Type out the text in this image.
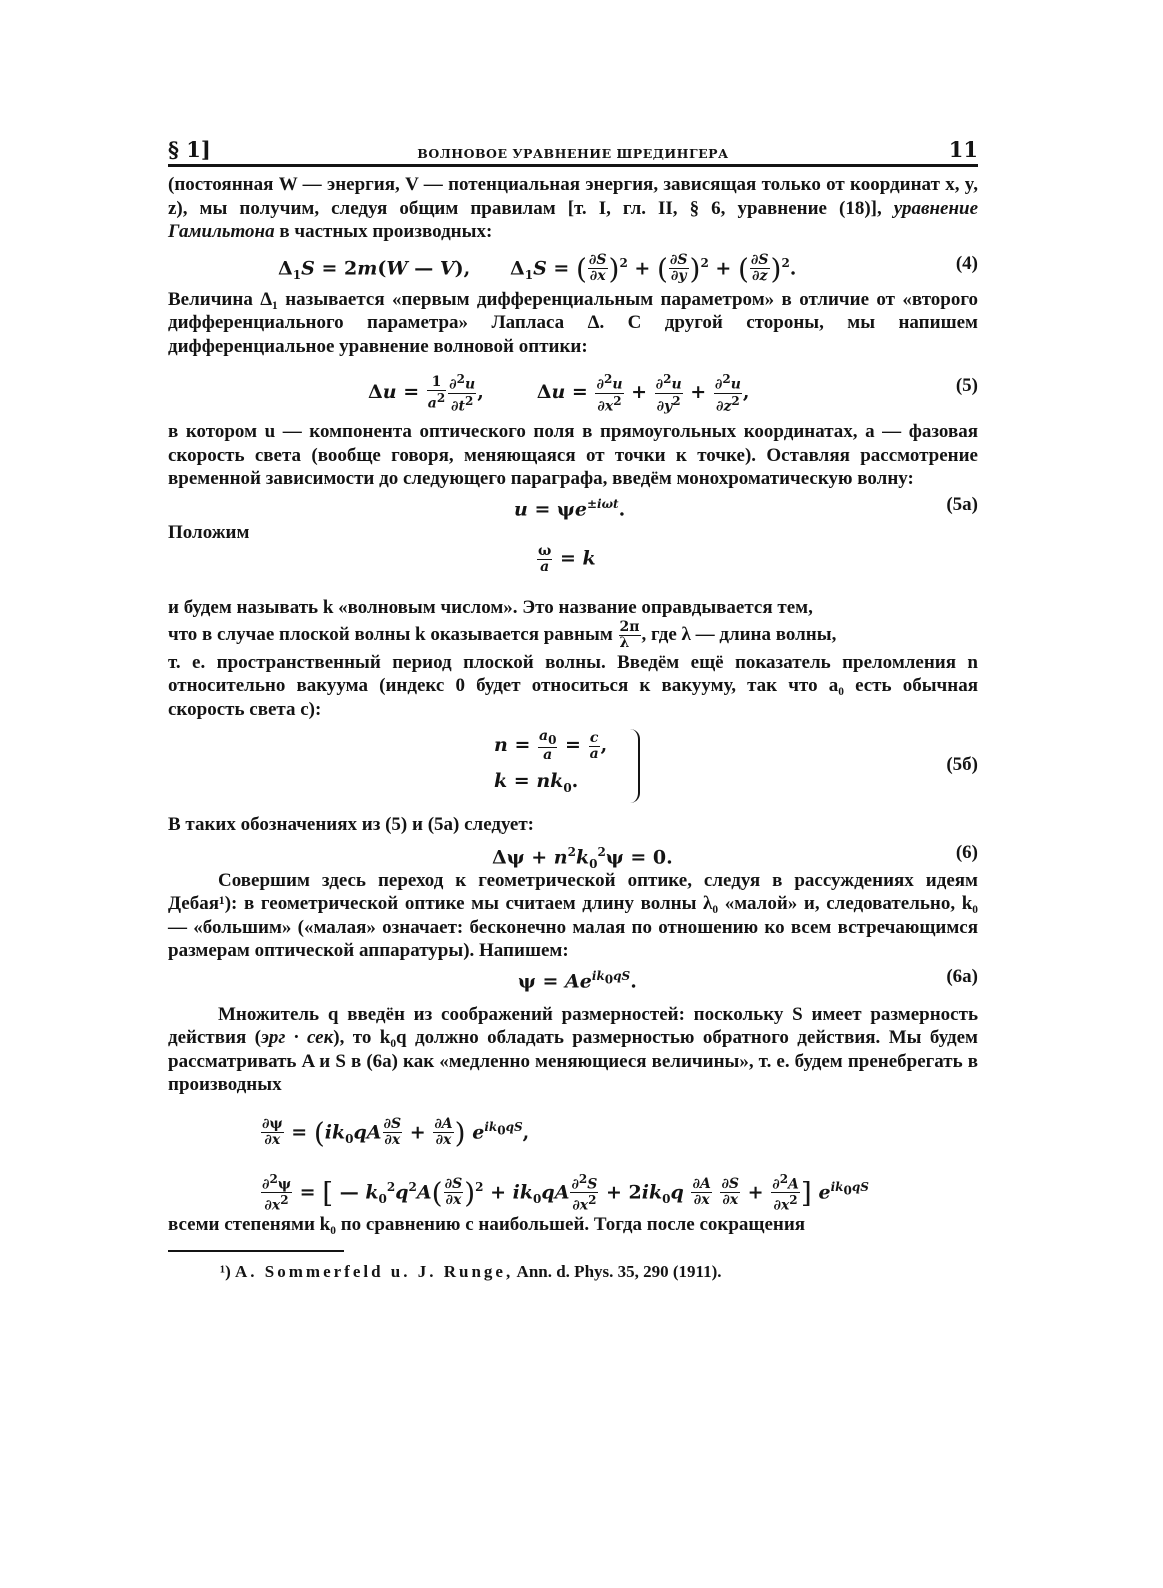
§ 1]	ВОЛНОВОЕ УРАВНЕНИЕ ШРЕДИНГЕРА	11

(постоянная W — энергия, V — потенциальная энергия, зависящая только от координат x, y, z), мы получим, следуя общим правилам [т. I, гл. II, § 6, уравнение (18)], уравнение Гамильтона в частных производных:

$\Delta_1S = 2m(W$ — V),      $\Delta_1S$ = ( $\frac{\partial S}{\partial x} )^2$ + ( $\frac{\partial S}{\partial y} )^2$ + ( $\frac{\partial S}{\partial z} )^2$.	(4)

Величина Δ₁ называется «первым дифференциальным параметром» в отличие от «второго дифференциального параметра» Лапласа Δ. С другой стороны, мы напишем дифференциальное уравнение волновой оптики:

$\Delta u = \frac{1}{a^2} \frac{\partial^2u}{\partial t^2}$ ,        $\Delta u = \frac{\partial^2u}{\partial x^2} + \frac{\partial^2u}{\partial y^2} + \frac{\partial^2u}{\partial z^2}$ ,	(5)

в котором u — компонента оптического поля в прямоугольных координатах, a — фазовая скорость света (вообще говоря, меняющаяся от точки к точке). Оставляя рассмотрение временной зависимости до следующего параграфа, введём монохроматическую волну:

$u = \psi e^{\pm i\omega t}$.	(5а)

Положим

$\frac{\omega}{a} = k$

и будем называть k «волновым числом». Это название оправдывается тем,
что в случае плоской волны k оказывается равным $\frac{2\pi}{\lambda}$ , где λ — длина волны,
т. е. пространственный период плоской волны. Введём ещё показатель преломления n относительно вакуума (индекс 0 будет относиться к вакууму, так что a₀ есть обычная скорость света c):

$n = \frac{a_0}{a} = \frac{c}{a}$ ,
$k = nk_0$.
(5б)

В таких обозначениях из (5) и (5а) следует:

$\Delta\psi + n^2k_0^2\psi = 0$.	(6)

Совершим здесь переход к геометрической оптике, следуя в рассуждениях идеям Дебая¹): в геометрической оптике мы считаем длину волны λ₀ «малой» и, следовательно, k₀ — «большим» («малая» означает: бесконечно малая по отношению ко всем встречающимся размерам оптической аппаратуры). Напишем:

$\psi = Ae^{ik_0qS}$.	(6а)

Множитель q введён из соображений размерностей: поскольку S имеет размерность действия (эрг · сек), то k₀q должно обладать размерностью обратного действия. Мы будем рассматривать A и S в (6а) как «медленно меняющиеся величины», т. е. будем пренебрегать в производных

$\frac{\partial\psi}{\partial x} = (ik_0qA \frac{\partial S}{\partial x} + \frac{\partial A}{\partial x}$ ) $e^{ik_0qS}$,

$\frac{\partial^2\psi}{\partial x^2}$ = [ — $k_0^2q^2A( \frac{\partial S}{\partial x} )^2 + ik_0qA \frac{\partial^2S}{\partial x^2} + 2ik_0q \frac{\partial A}{\partial x}$
$\frac{\partial S}{\partial x} + \frac{\partial^2A}{\partial x^2}$ ] $e^{ik_0qS}$

всеми степенями k₀ по сравнению с наибольшей. Тогда после сокращения

¹) A. Sommerfeld u. J. Runge, Ann. d. Phys. 35, 290 (1911).
